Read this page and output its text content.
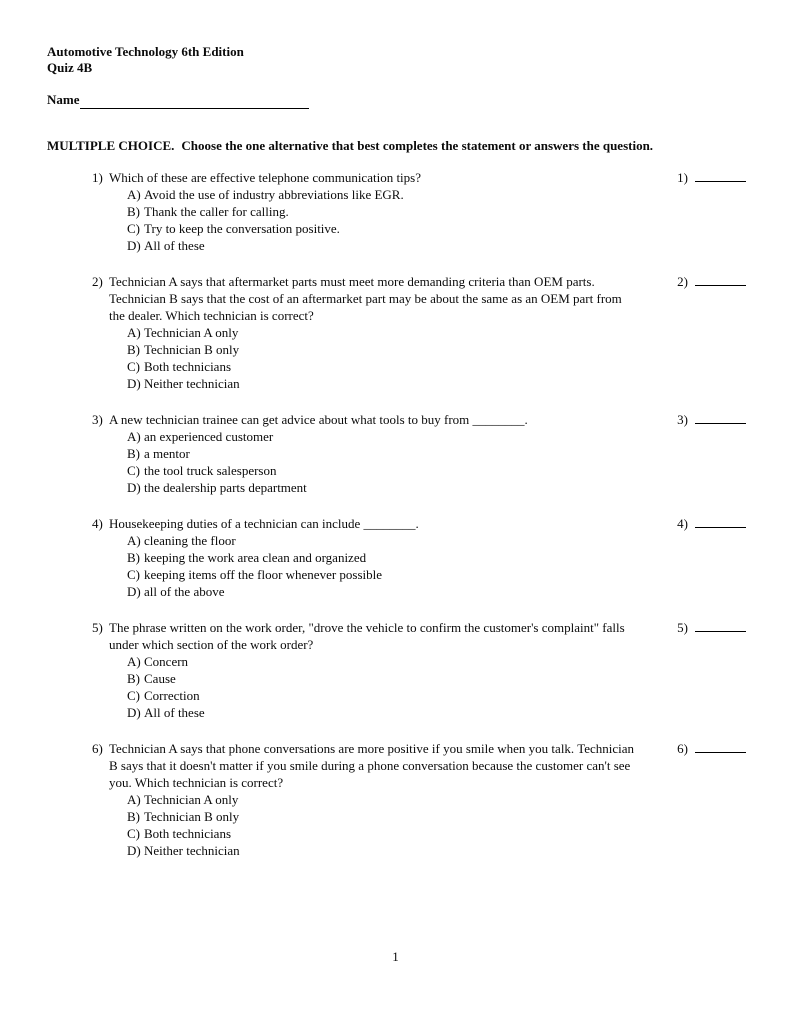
Automotive Technology 6th Edition
Quiz 4B
Name
MULTIPLE CHOICE. Choose the one alternative that best completes the statement or answers the question.
1) Which of these are effective telephone communication tips?
A) Avoid the use of industry abbreviations like EGR.
B) Thank the caller for calling.
C) Try to keep the conversation positive.
D) All of these
1)
2) Technician A says that aftermarket parts must meet more demanding criteria than OEM parts. Technician B says that the cost of an aftermarket part may be about the same as an OEM part from the dealer. Which technician is correct?
A) Technician A only
B) Technician B only
C) Both technicians
D) Neither technician
2)
3) A new technician trainee can get advice about what tools to buy from ________.
A) an experienced customer
B) a mentor
C) the tool truck salesperson
D) the dealership parts department
3)
4) Housekeeping duties of a technician can include ________.
A) cleaning the floor
B) keeping the work area clean and organized
C) keeping items off the floor whenever possible
D) all of the above
4)
5) The phrase written on the work order, "drove the vehicle to confirm the customer's complaint" falls under which section of the work order?
A) Concern
B) Cause
C) Correction
D) All of these
5)
6) Technician A says that phone conversations are more positive if you smile when you talk. Technician B says that it doesn't matter if you smile during a phone conversation because the customer can't see you. Which technician is correct?
A) Technician A only
B) Technician B only
C) Both technicians
D) Neither technician
6)
1
